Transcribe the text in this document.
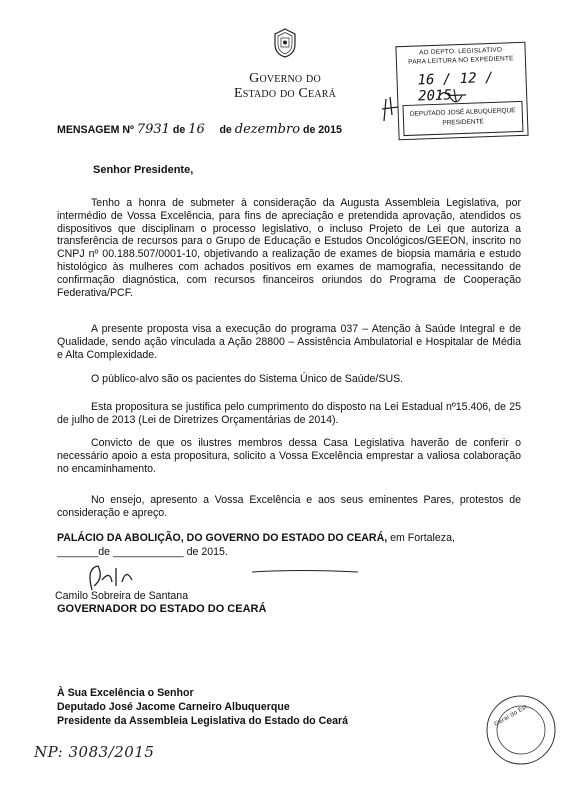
Governo do
Estado do Ceará
AO DEPTO. LEGISLATIVO
PARA LEITURA NO EXPEDIENTE
16 / 12 / 2015
DEPUTADO JOSÉ ALBUQUERQUE
PRESIDENTE
MENSAGEM Nº 7931 de 16 de dezembro de 2015
Senhor Presidente,
Tenho a honra de submeter à consideração da Augusta Assembleia Legislativa, por intermédio de Vossa Excelência, para fins de apreciação e pretendida aprovação, atendidos os dispositivos que disciplinam o processo legislativo, o incluso Projeto de Lei que autoriza a transferência de recursos para o Grupo de Educação e Estudos Oncológicos/GEEON, inscrito no CNPJ nº 00.188.507/0001-10, objetivando a realização de exames de biopsia mamária e estudo histológico às mulheres com achados positivos em exames de mamografia, necessitando de confirmação diagnóstica, com recursos financeiros oriundos do Programa de Cooperação Federativa/PCF.
A presente proposta visa a execução do programa 037 – Atenção à Saúde Integral e de Qualidade, sendo ação vinculada a Ação 28800 – Assistência Ambulatorial e Hospitalar de Média e Alta Complexidade.
O público-alvo são os pacientes do Sistema Único de Saúde/SUS.
Esta propositura se justifica pelo cumprimento do disposto na Lei Estadual nº15.406, de 25 de julho de 2013 (Lei de Diretrizes Orçamentárias de 2014).
Convicto de que os ilustres membros dessa Casa Legislativa haverão de conferir o necessário apoio a esta propositura, solicito a Vossa Excelência emprestar a valiosa colaboração no encaminhamento.
No ensejo, apresento a Vossa Excelência e aos seus eminentes Pares, protestos de consideração e apreço.
PALÁCIO DA ABOLIÇÃO, DO GOVERNO DO ESTADO DO CEARÁ, em Fortaleza,
_______de ____________ de 2015.
Camilo Sobreira de Santana
GOVERNADOR DO ESTADO DO CEARÁ
À Sua Excelência o Senhor
Deputado José Jacome Carneiro Albuquerque
Presidente da Assembleia Legislativa do Estado do Ceará
NP: 3083/2015
Geral do Est
